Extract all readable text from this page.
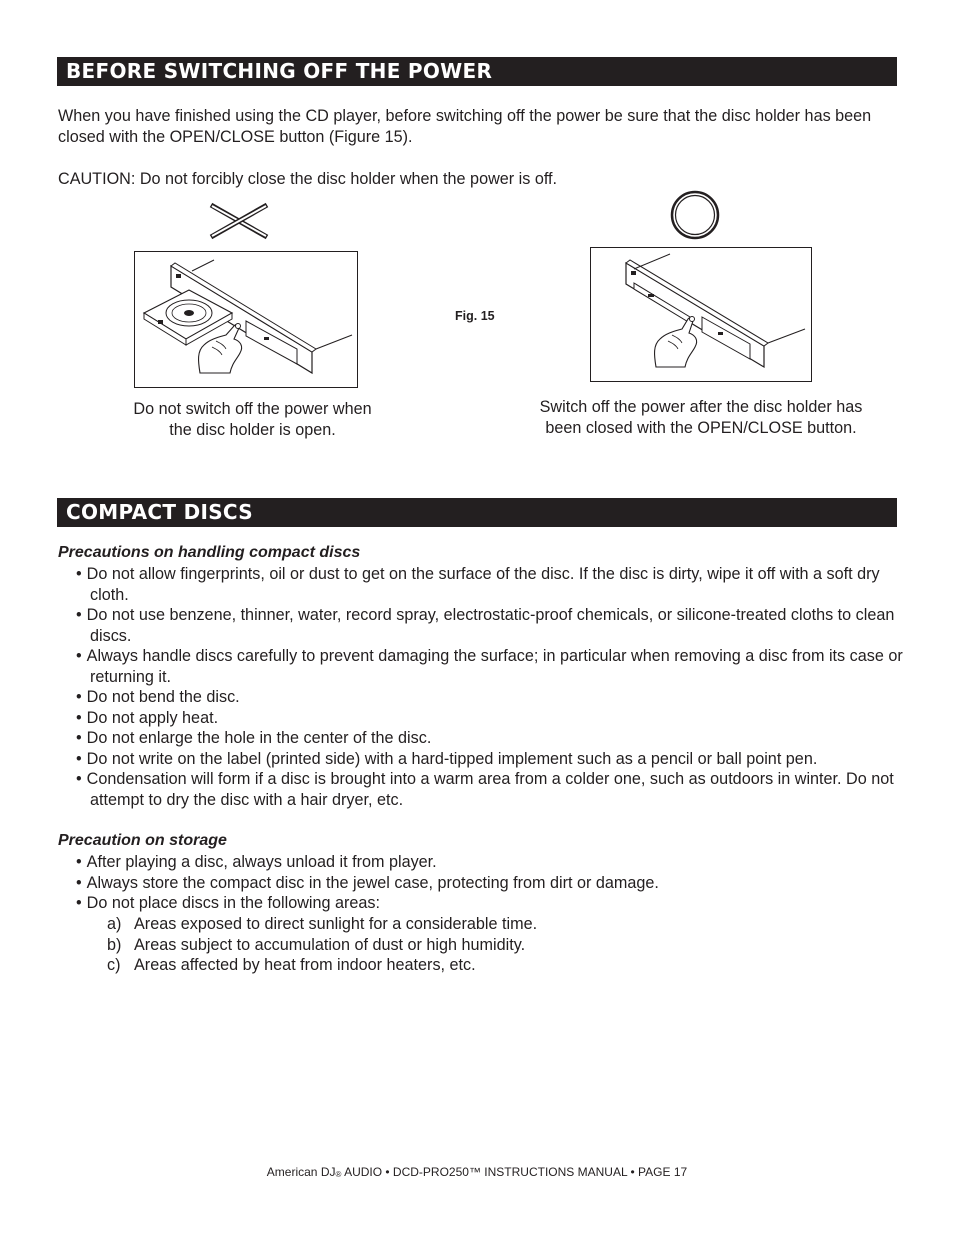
BEFORE SWITCHING OFF THE POWER

When you have finished using the CD player, before switching off the power be sure that the disc holder has been closed with the OPEN/CLOSE button (Figure 15).

CAUTION: Do not forcibly close the disc holder when the power is off.

Fig. 15

Do not switch off the power when
the disc holder is open.

Switch off the power after the disc holder has
been closed with the OPEN/CLOSE button.

COMPACT DISCS

Precautions on handling compact discs

• Do not allow fingerprints, oil or dust to get on the surface of the disc. If the disc is dirty, wipe it off with a soft dry cloth.
• Do not use benzene, thinner, water, record spray, electrostatic-proof chemicals, or silicone-treated cloths to clean discs.
• Always handle discs carefully to prevent damaging the surface; in particular when removing a disc from its case or returning it.
• Do not bend the disc.
• Do not apply heat.
• Do not enlarge the hole in the center of the disc.
• Do not write on the label (printed side) with a hard-tipped implement such as a pencil or ball point pen.
• Condensation will form if a disc is brought into a warm area from a colder one, such as outdoors in winter. Do not attempt to dry the disc with a hair dryer, etc.

Precaution on storage

• After playing a disc, always unload it from player.
• Always store the compact disc in the jewel case, protecting from dirt or damage.
• Do not place discs in the following areas:
a) Areas exposed to direct sunlight for a considerable time.
b) Areas subject to accumulation of dust or high humidity.
c) Areas affected by heat from indoor heaters, etc.
American DJ® AUDIO • DCD-PRO250™ INSTRUCTIONS MANUAL • PAGE 17
